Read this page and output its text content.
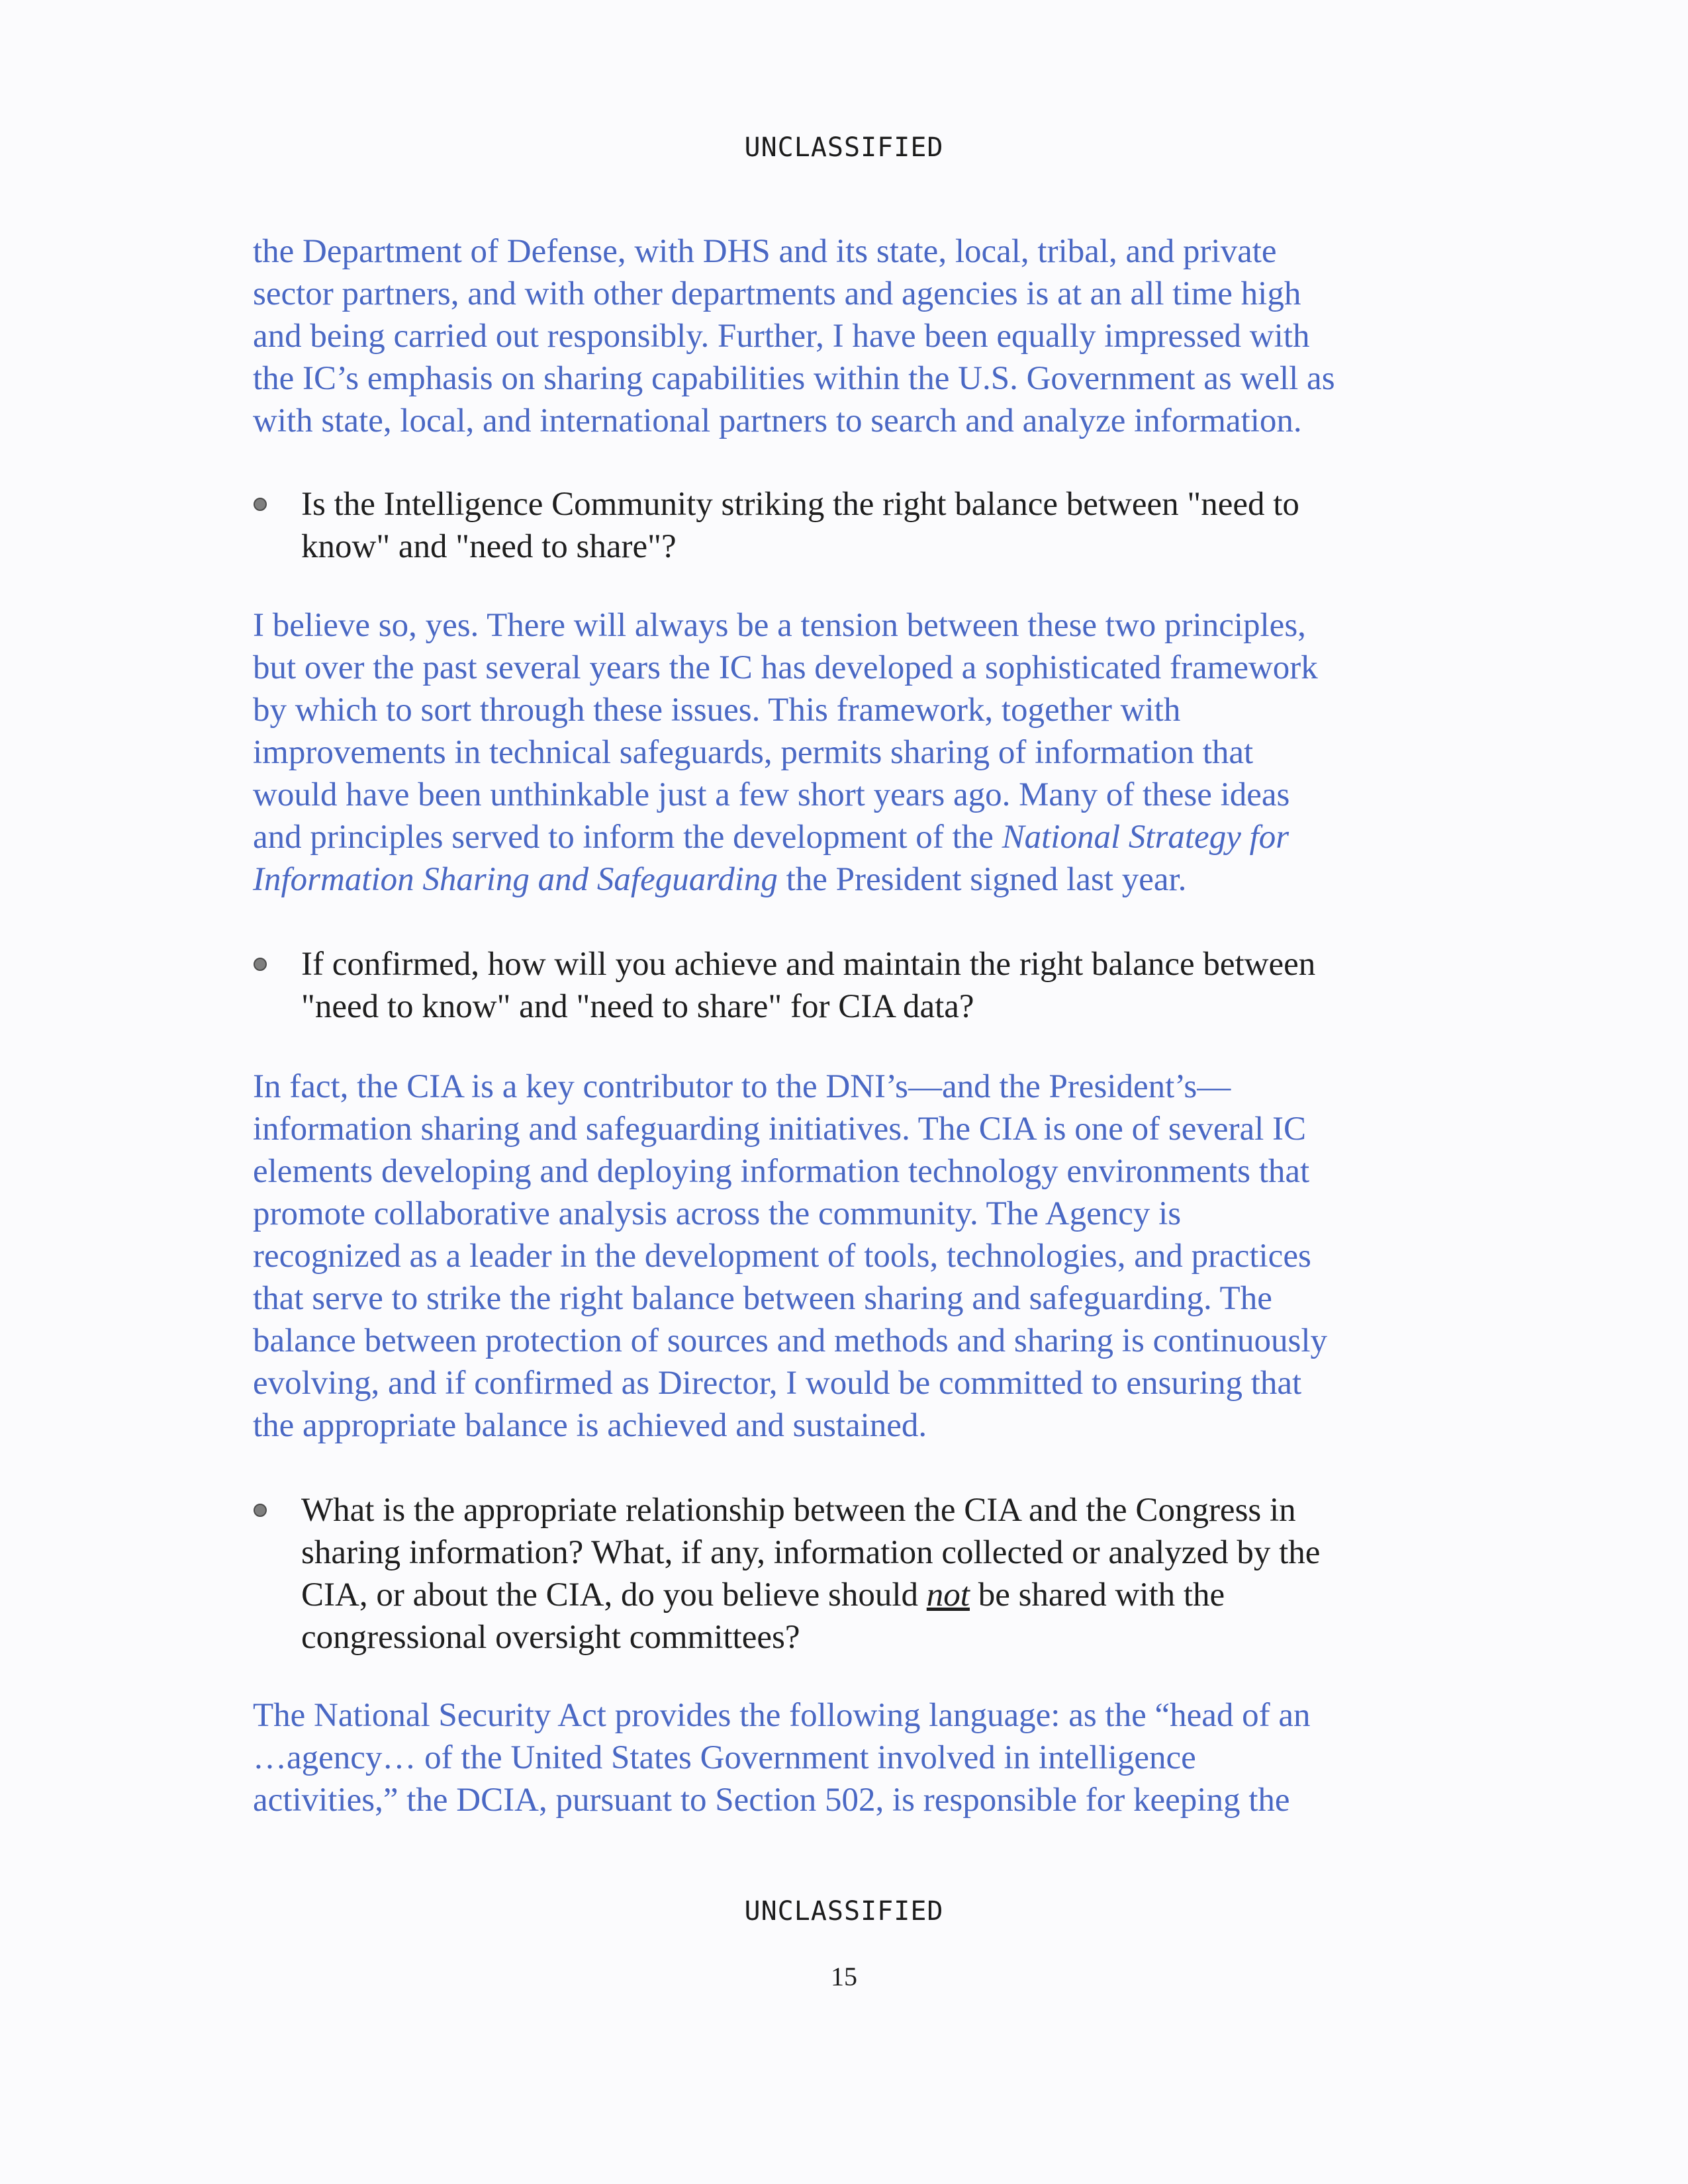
UNCLASSIFIED
the Department of Defense, with DHS and its state, local, tribal, and private
sector partners, and with other departments and agencies is at an all time high
and being carried out responsibly. Further, I have been equally impressed with
the IC’s emphasis on sharing capabilities within the U.S. Government as well as
with state, local, and international partners to search and analyze information.
Is the Intelligence Community striking the right balance between "need to
know" and "need to share"?
I believe so, yes. There will always be a tension between these two principles,
but over the past several years the IC has developed a sophisticated framework
by which to sort through these issues. This framework, together with
improvements in technical safeguards, permits sharing of information that
would have been unthinkable just a few short years ago. Many of these ideas
and principles served to inform the development of the National Strategy for
Information Sharing and Safeguarding the President signed last year.
If confirmed, how will you achieve and maintain the right balance between
"need to know" and "need to share" for CIA data?
In fact, the CIA is a key contributor to the DNI’s—and the President’s—
information sharing and safeguarding initiatives. The CIA is one of several IC
elements developing and deploying information technology environments that
promote collaborative analysis across the community. The Agency is
recognized as a leader in the development of tools, technologies, and practices
that serve to strike the right balance between sharing and safeguarding. The
balance between protection of sources and methods and sharing is continuously
evolving, and if confirmed as Director, I would be committed to ensuring that
the appropriate balance is achieved and sustained.
What is the appropriate relationship between the CIA and the Congress in
sharing information? What, if any, information collected or analyzed by the
CIA, or about the CIA, do you believe should not be shared with the
congressional oversight committees?
The National Security Act provides the following language: as the “head of an
…agency… of the United States Government involved in intelligence
activities,” the DCIA, pursuant to Section 502, is responsible for keeping the
UNCLASSIFIED
15
